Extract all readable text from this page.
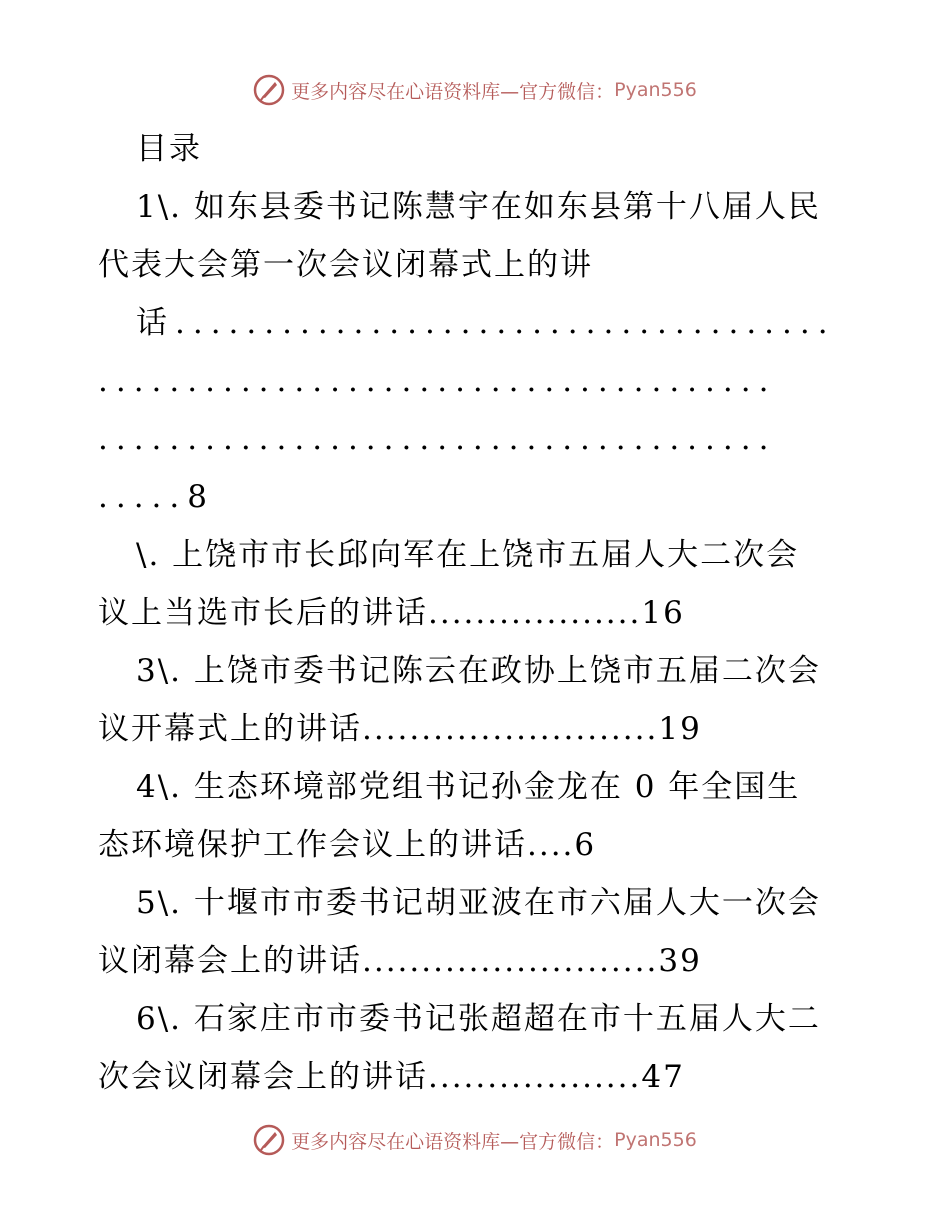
更多内容尽在心语资料库—官方微信： Pyan556
目录
1\. 如东县委书记陈慧宇在如东县第十八届人民
代表大会第一次会议闭幕式上的讲
话.....................................
......................................
......................................
.....8
\. 上饶市市长邱向军在上饶市五届人大二次会
议上当选市长后的讲话..................16
3\. 上饶市委书记陈云在政协上饶市五届二次会
议开幕式上的讲话.........................19
4\. 生态环境部党组书记孙金龙在 0 年全国生
态环境保护工作会议上的讲话....6
5\. 十堰市市委书记胡亚波在市六届人大一次会
议闭幕会上的讲话.........................39
6\. 石家庄市市委书记张超超在市十五届人大二
次会议闭幕会上的讲话..................47
更多内容尽在心语资料库—官方微信： Pyan556
